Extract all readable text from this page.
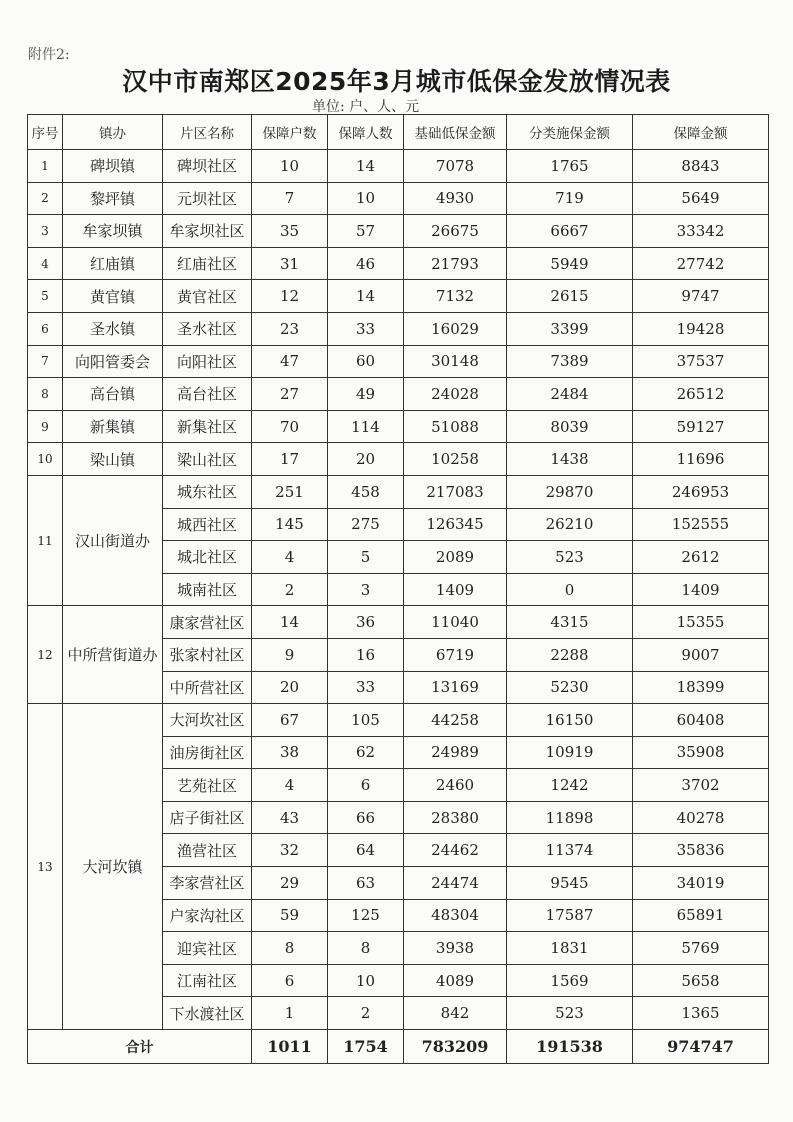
附件2:
汉中市南郑区2025年3月城市低保金发放情况表
单位: 户、人、元
序号	镇办	片区名称	保障户数	保障人数	基础低保金额	分类施保金额	保障金额
1	碑坝镇	碑坝社区	10	14	7078	1765	8843
2	黎坪镇	元坝社区	7	10	4930	719	5649
3	牟家坝镇	牟家坝社区	35	57	26675	6667	33342
4	红庙镇	红庙社区	31	46	21793	5949	27742
5	黄官镇	黄官社区	12	14	7132	2615	9747
6	圣水镇	圣水社区	23	33	16029	3399	19428
7	向阳管委会	向阳社区	47	60	30148	7389	37537
8	高台镇	高台社区	27	49	24028	2484	26512
9	新集镇	新集社区	70	114	51088	8039	59127
10	梁山镇	梁山社区	17	20	10258	1438	11696
11	汉山街道办	城东社区	251	458	217083	29870	246953
		城西社区	145	275	126345	26210	152555
		城北社区	4	5	2089	523	2612
		城南社区	2	3	1409	0	1409
12	中所营街道办	康家营社区	14	36	11040	4315	15355
		张家村社区	9	16	6719	2288	9007
		中所营社区	20	33	13169	5230	18399
13	大河坎镇	大河坎社区	67	105	44258	16150	60408
		油房街社区	38	62	24989	10919	35908
		艺苑社区	4	6	2460	1242	3702
		店子街社区	43	66	28380	11898	40278
		渔营社区	32	64	24462	11374	35836
		李家营社区	29	63	24474	9545	34019
		户家沟社区	59	125	48304	17587	65891
		迎宾社区	8	8	3938	1831	5769
		江南社区	6	10	4089	1569	5658
		下水渡社区	1	2	842	523	1365
合计			1011	1754	783209	191538	974747
